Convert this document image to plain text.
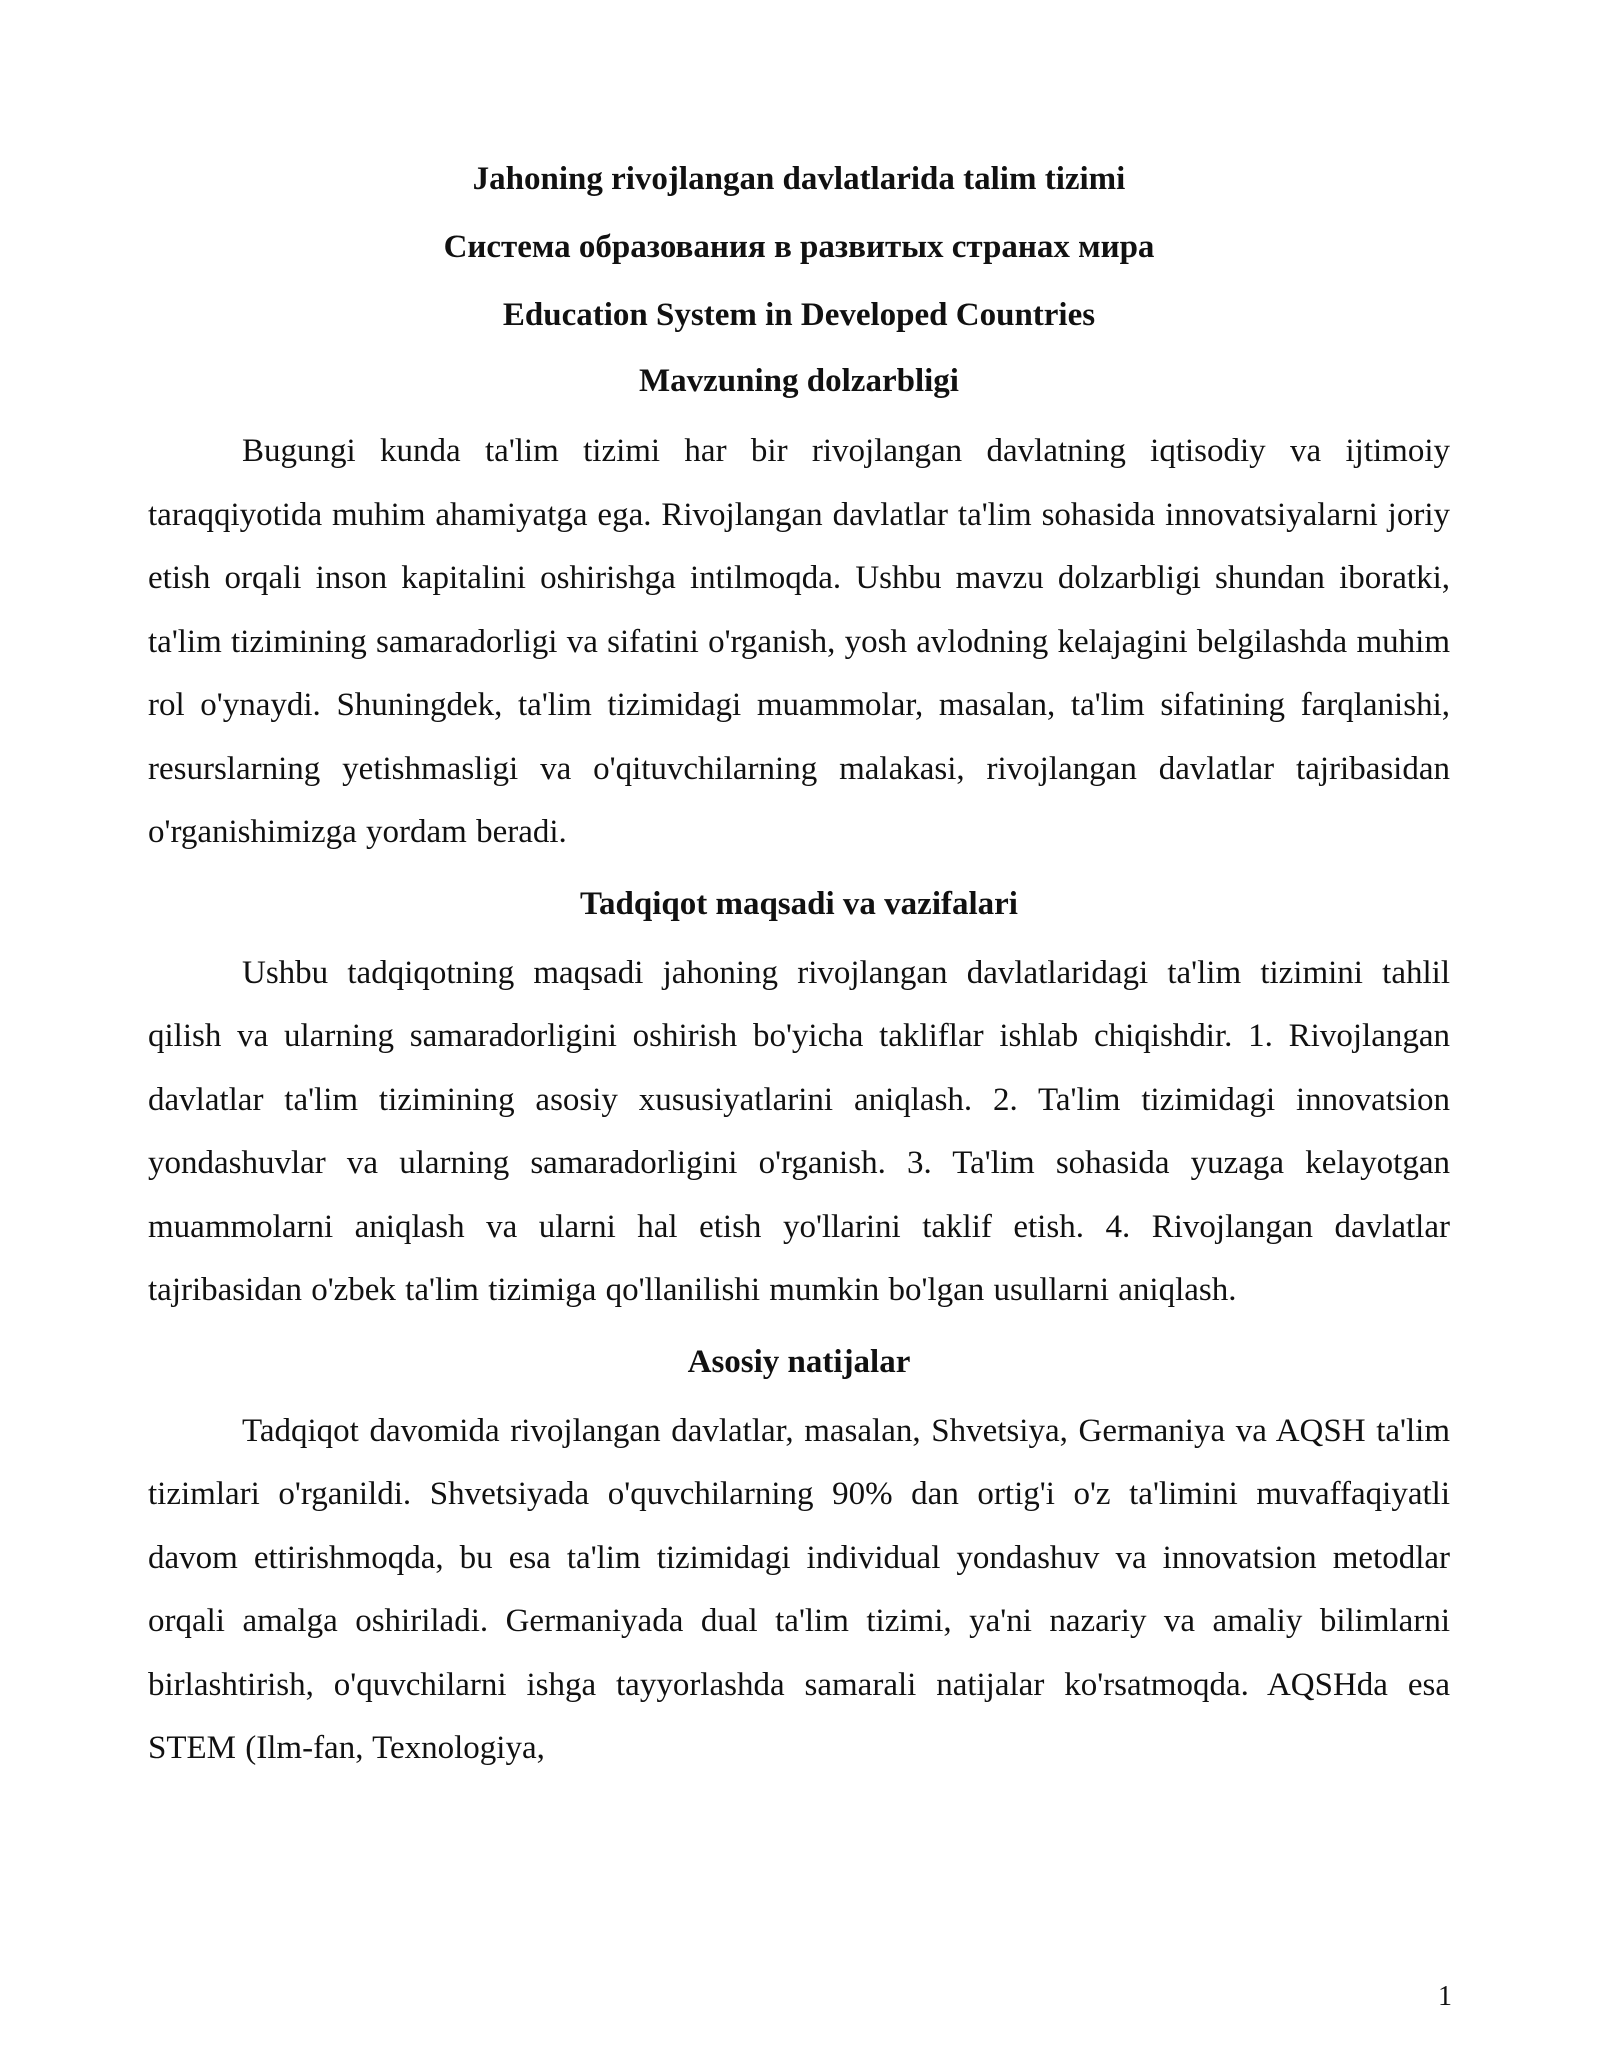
Jahoning rivojlangan davlatlarida talim tizimi

Система образования в развитых странах мира

Education System in Developed Countries

Mavzuning dolzarbligi

Bugungi kunda ta'lim tizimi har bir rivojlangan davlatning iqtisodiy va ijtimoiy taraqqiyotida muhim ahamiyatga ega. Rivojlangan davlatlar ta'lim sohasida innovatsiyalarni joriy etish orqali inson kapitalini oshirishga intilmoqda. Ushbu mavzu dolzarbligi shundan iboratki, ta'lim tizimining samaradorligi va sifatini o'rganish, yosh avlodning kelajagini belgilashda muhim rol o'ynaydi. Shuningdek, ta'lim tizimidagi muammolar, masalan, ta'lim sifatining farqlanishi, resurslarning yetishmasligi va o'qituvchilarning malakasi, rivojlangan davlatlar tajribasidan o'rganishimizga yordam beradi.

Tadqiqot maqsadi va vazifalari

Ushbu tadqiqotning maqsadi jahoning rivojlangan davlatlaridagi ta'lim tizimini tahlil qilish va ularning samaradorligini oshirish bo'yicha takliflar ishlab chiqishdir. 1. Rivojlangan davlatlar ta'lim tizimining asosiy xususiyatlarini aniqlash. 2. Ta'lim tizimidagi innovatsion yondashuvlar va ularning samaradorligini o'rganish. 3. Ta'lim sohasida yuzaga kelayotgan muammolarni aniqlash va ularni hal etish yo'llarini taklif etish. 4. Rivojlangan davlatlar tajribasidan o'zbek ta'lim tizimiga qo'llanilishi mumkin bo'lgan usullarni aniqlash.

Asosiy natijalar

Tadqiqot davomida rivojlangan davlatlar, masalan, Shvetsiya, Germaniya va AQSH ta'lim tizimlari o'rganildi. Shvetsiyada o'quvchilarning 90% dan ortig'i o'z ta'limini muvaffaqiyatli davom ettirishmoqda, bu esa ta'lim tizimidagi individual yondashuv va innovatsion metodlar orqali amalga oshiriladi. Germaniyada dual ta'lim tizimi, ya'ni nazariy va amaliy bilimlarni birlashtirish, o'quvchilarni ishga tayyorlashda samarali natijalar ko'rsatmoqda. AQSHda esa STEM (Ilm-fan, Texnologiya,

1
